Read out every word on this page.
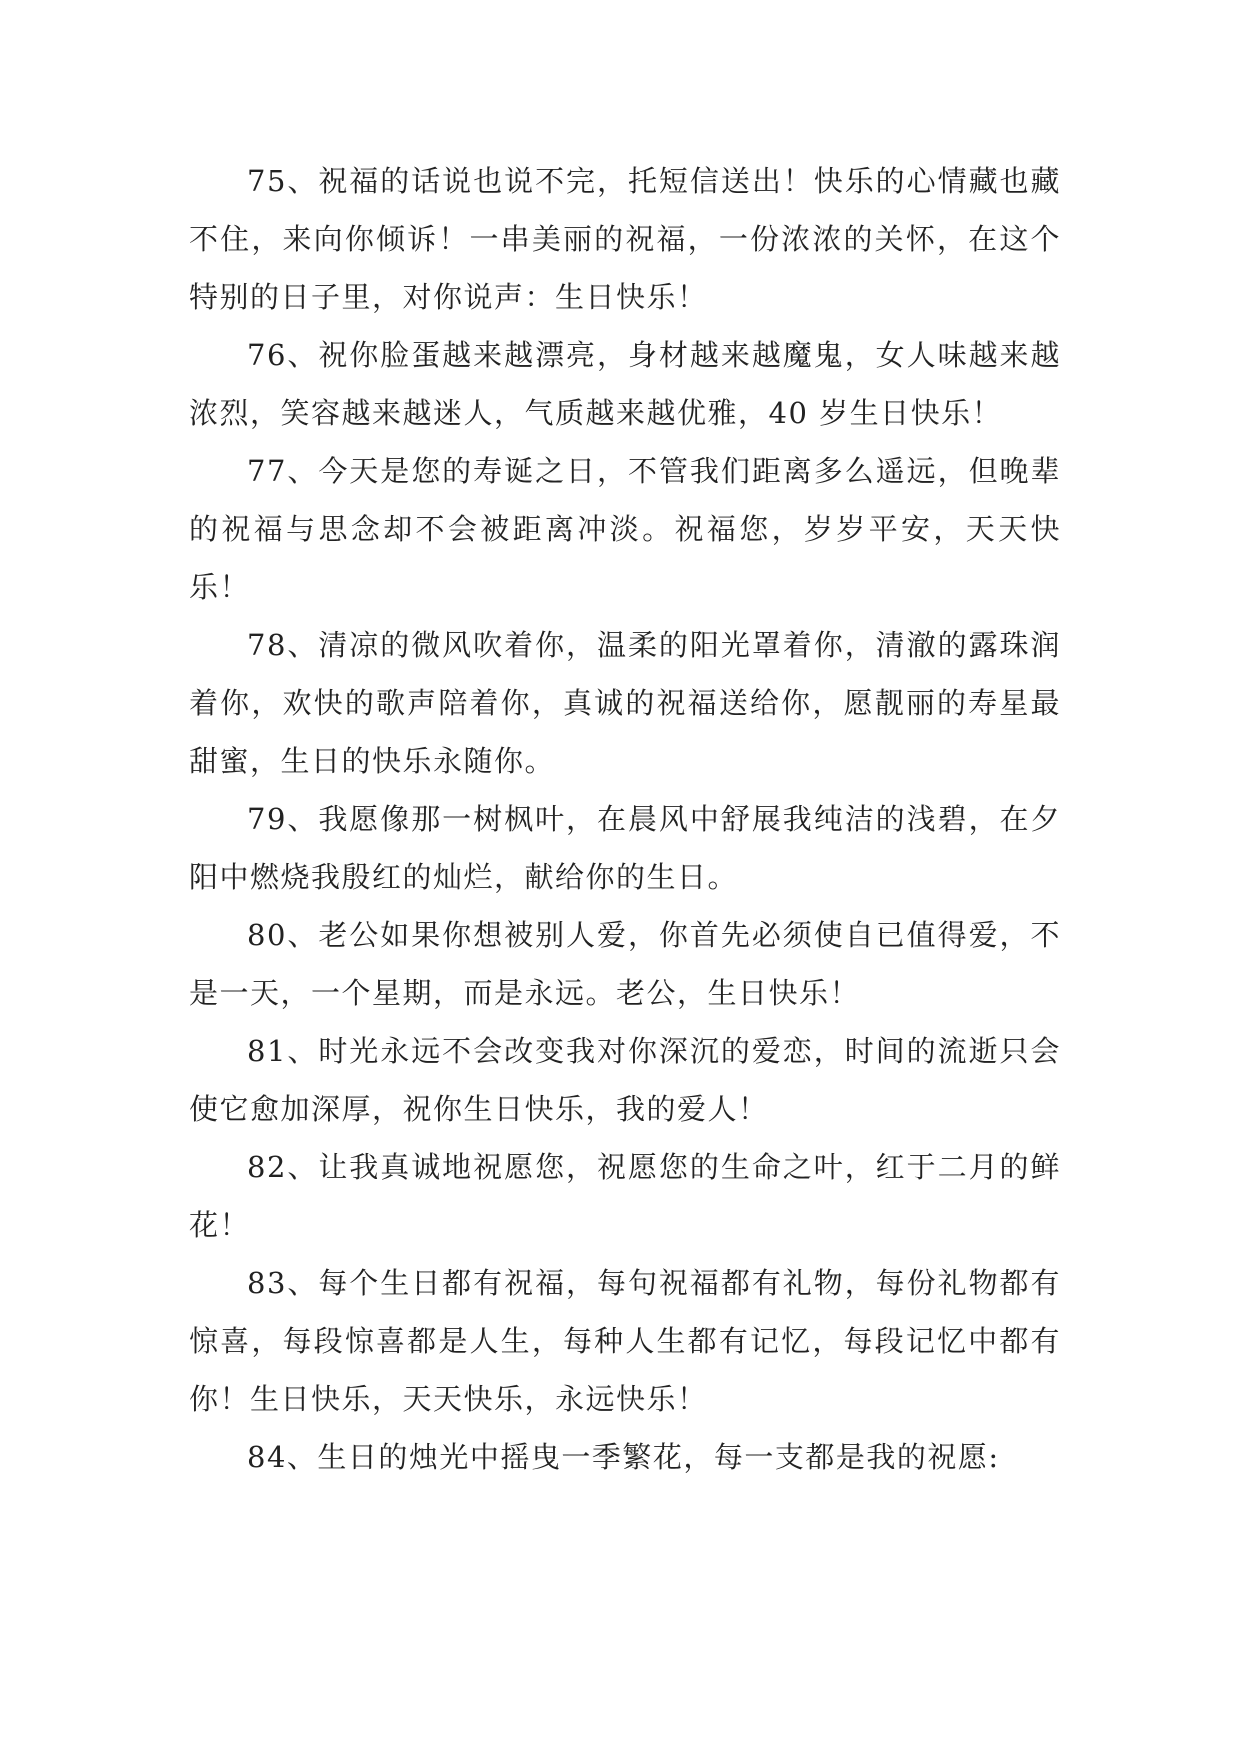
75、祝福的话说也说不完，托短信送出！快乐的心情藏也藏不住，来向你倾诉！一串美丽的祝福，一份浓浓的关怀，在这个特别的日子里，对你说声：生日快乐！

76、祝你脸蛋越来越漂亮，身材越来越魔鬼，女人味越来越浓烈，笑容越来越迷人，气质越来越优雅，40 岁生日快乐！

77、今天是您的寿诞之日，不管我们距离多么遥远，但晚辈的祝福与思念却不会被距离冲淡。祝福您，岁岁平安，天天快乐！

78、清凉的微风吹着你，温柔的阳光罩着你，清澈的露珠润着你，欢快的歌声陪着你，真诚的祝福送给你，愿靓丽的寿星最甜蜜，生日的快乐永随你。

79、我愿像那一树枫叶，在晨风中舒展我纯洁的浅碧，在夕阳中燃烧我殷红的灿烂，献给你的生日。

80、老公如果你想被别人爱，你首先必须使自已值得爱，不是一天，一个星期，而是永远。老公，生日快乐！

81、时光永远不会改变我对你深沉的爱恋，时间的流逝只会使它愈加深厚，祝你生日快乐，我的爱人！

82、让我真诚地祝愿您，祝愿您的生命之叶，红于二月的鲜花！

83、每个生日都有祝福，每句祝福都有礼物，每份礼物都有惊喜，每段惊喜都是人生，每种人生都有记忆，每段记忆中都有你！生日快乐，天天快乐，永远快乐！

84、生日的烛光中摇曳一季繁花，每一支都是我的祝愿:
